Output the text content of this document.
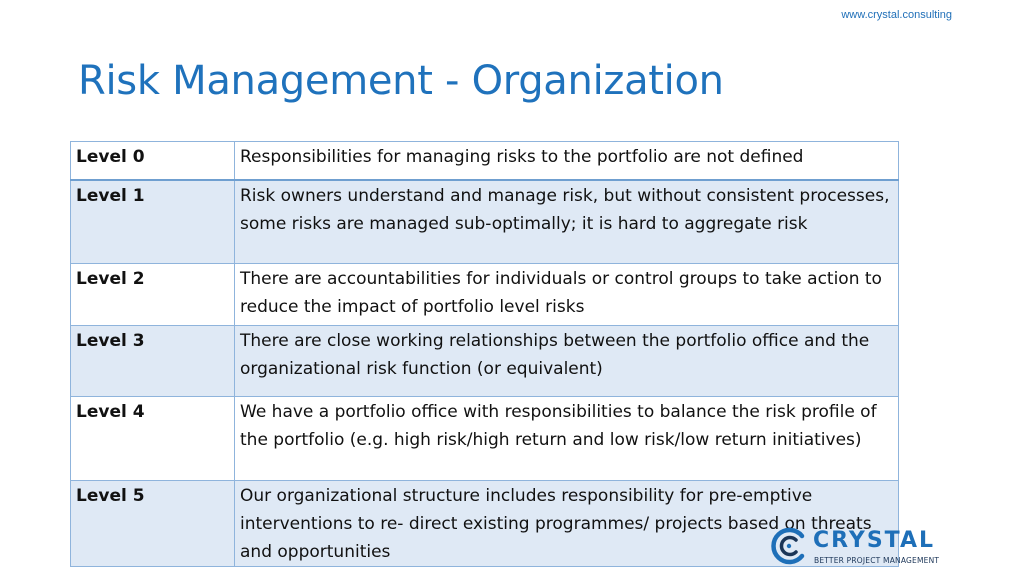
www.crystal.consulting
Risk Management - Organization
Level 0	Responsibilities for managing risks to the portfolio are not defined
Level 1	Risk owners understand and manage risk, but without consistent processes, some risks are managed sub-optimally; it is hard to aggregate risk
Level 2	There are accountabilities for individuals or control groups to take action to reduce the impact of portfolio level risks
Level 3	There are close working relationships between the portfolio office and the organizational risk function (or equivalent)
Level 4	We have a portfolio office with responsibilities to balance the risk profile of the portfolio (e.g. high risk/high return and low risk/low return initiatives)
Level 5	Our organizational structure includes responsibility for pre-emptive interventions to re- direct existing programmes/ projects based on threats and opportunities	CRYSTAL
BETTER PROJECT MANAGEMENT
